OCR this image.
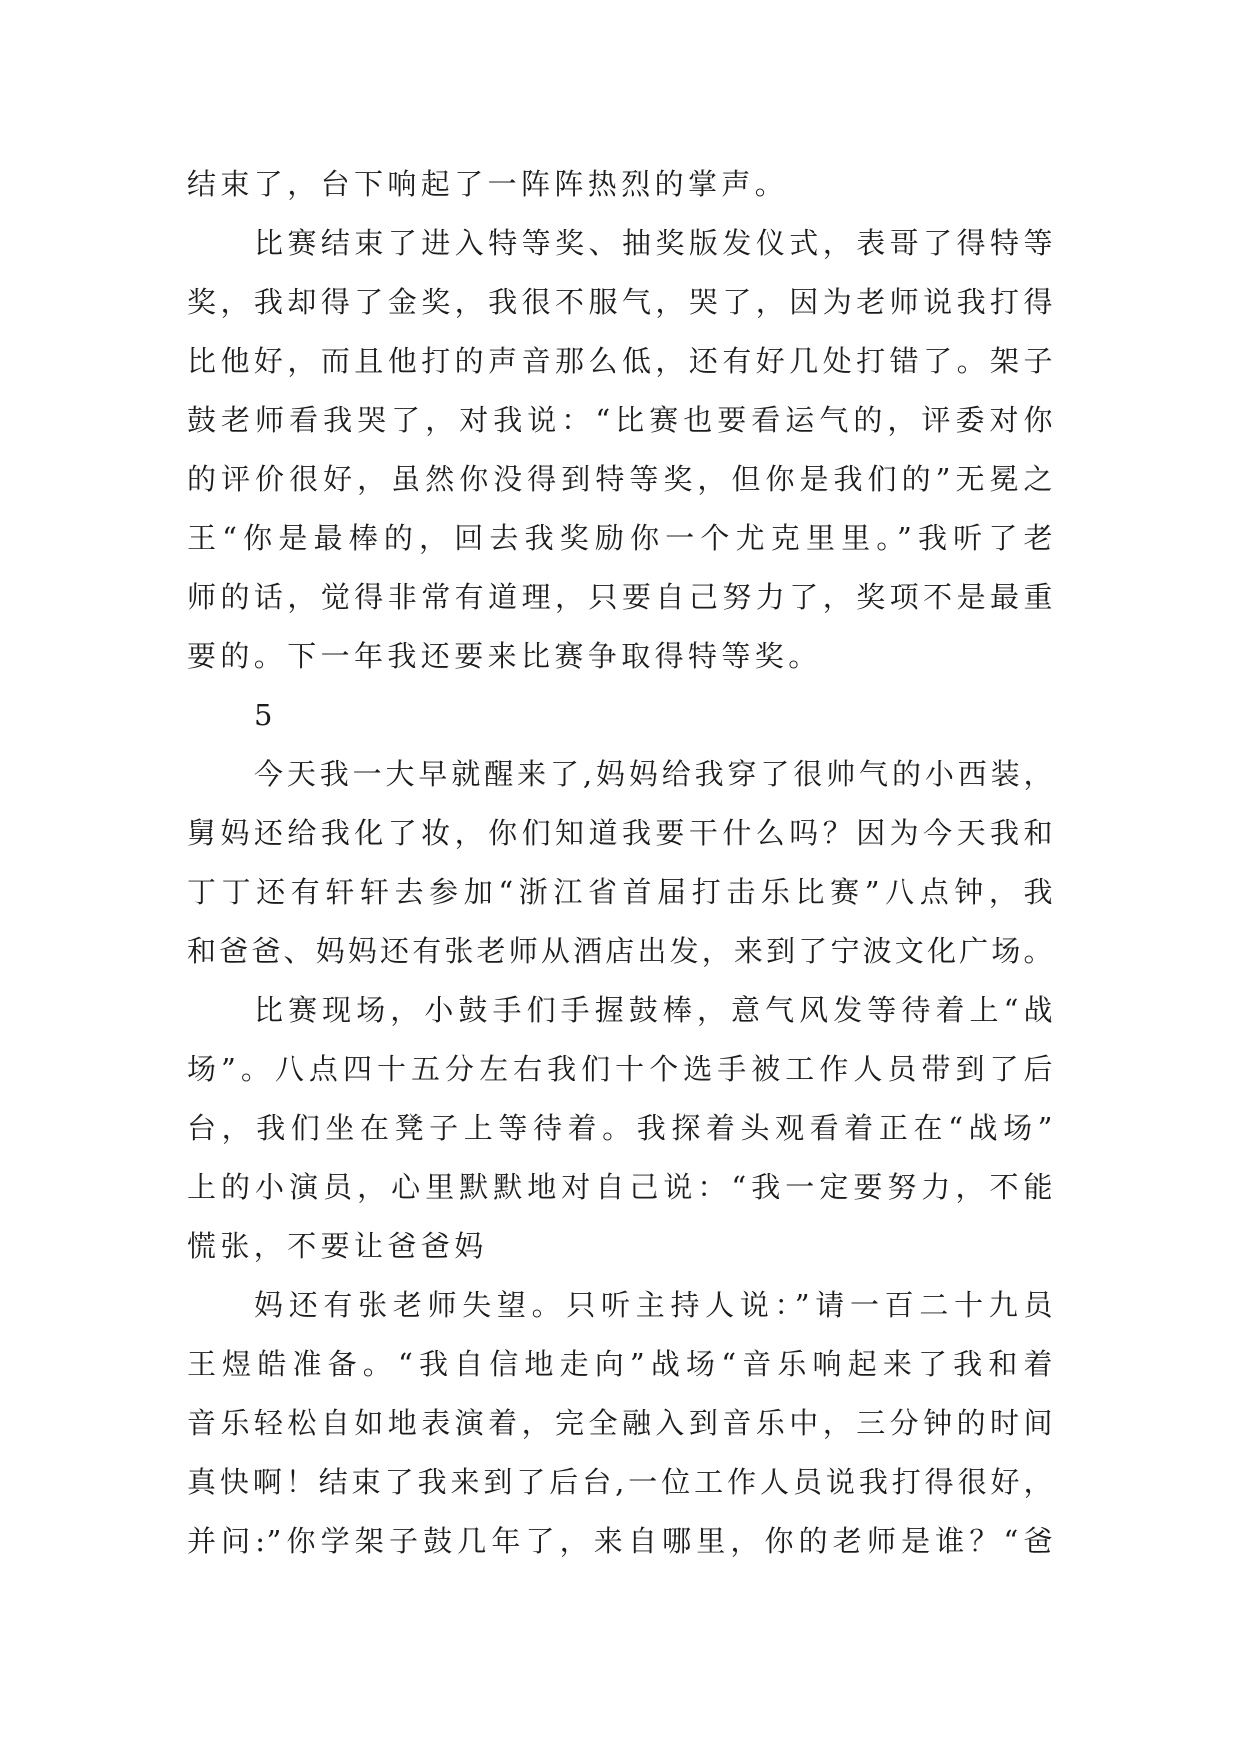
结束了，台下响起了一阵阵热烈的掌声。
比赛结束了进入特等奖、抽奖版发仪式，表哥了得特等
奖，我却得了金奖，我很不服气，哭了，因为老师说我打得
比他好，而且他打的声音那么低，还有好几处打错了。架子
鼓老师看我哭了，对我说：“比赛也要看运气的，评委对你
的评价很好，虽然你没得到特等奖，但你是我们的”无冕之
王“你是最棒的，回去我奖励你一个尤克里里。”我听了老
师的话，觉得非常有道理，只要自己努力了，奖项不是最重
要的。下一年我还要来比赛争取得特等奖。
5
今天我一大早就醒来了,妈妈给我穿了很帅气的小西装，
舅妈还给我化了妆，你们知道我要干什么吗？因为今天我和
丁丁还有轩轩去参加“浙江省首届打击乐比赛”八点钟，我
和爸爸、妈妈还有张老师从酒店出发，来到了宁波文化广场。
比赛现场，小鼓手们手握鼓棒，意气风发等待着上“战
场”。八点四十五分左右我们十个选手被工作人员带到了后
台，我们坐在凳子上等待着。我探着头观看着正在“战场”
上的小演员，心里默默地对自己说：“我一定要努力，不能
慌张，不要让爸爸妈
妈还有张老师失望。只听主持人说：”请一百二十九员
王煜皓准备。“我自信地走向”战场“音乐响起来了我和着
音乐轻松自如地表演着，完全融入到音乐中，三分钟的时间
真快啊！结束了我来到了后台,一位工作人员说我打得很好，
并问:”你学架子鼓几年了，来自哪里，你的老师是谁？“爸
